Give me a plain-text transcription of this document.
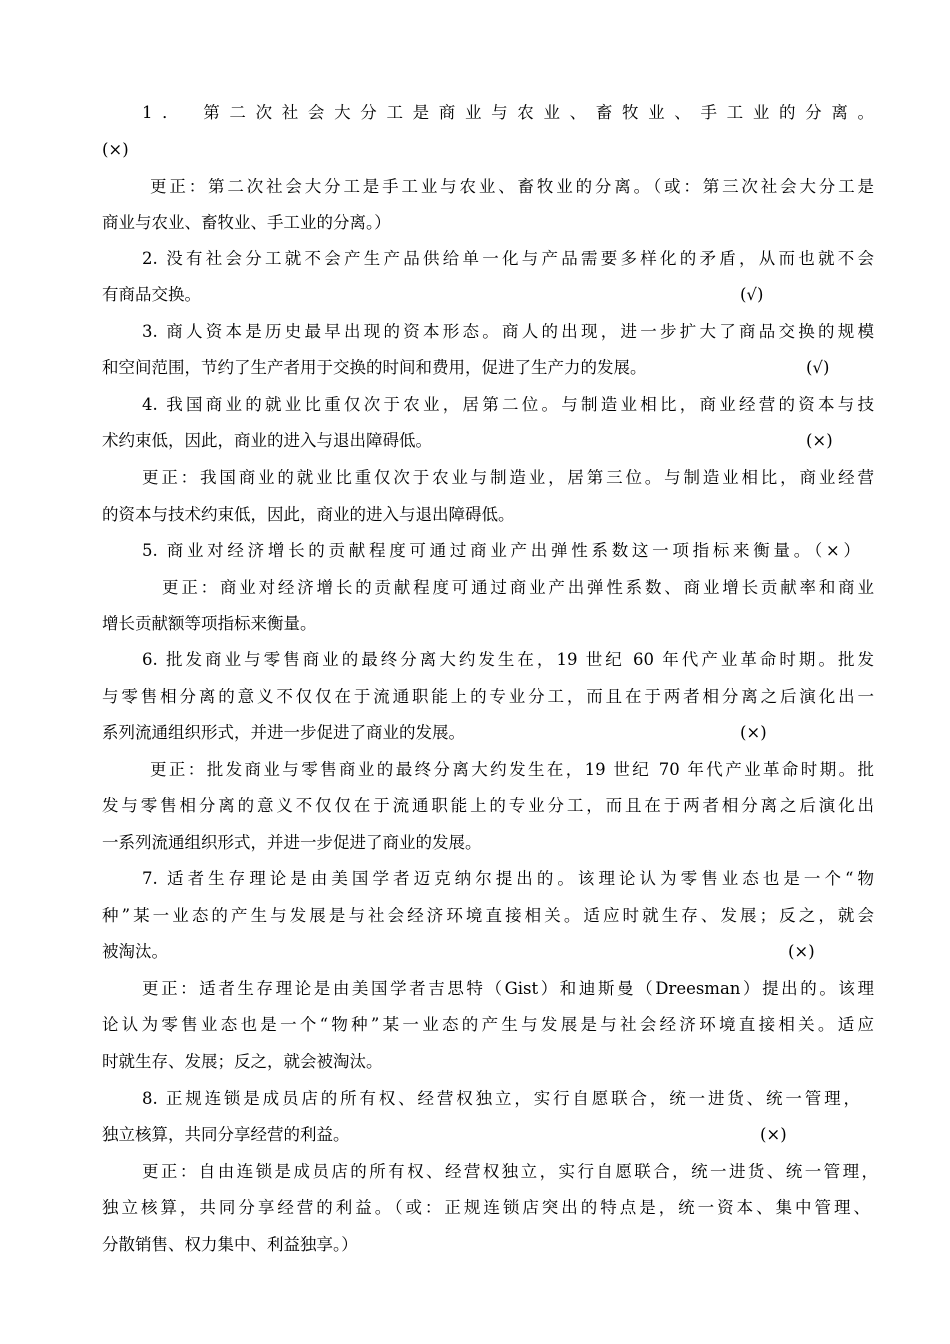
1． 第二次社会大分工是商业与农业、畜牧业、手工业的分离。
(×)
更正：第二次社会大分工是手工业与农业、畜牧业的分离。（或：第三次社会大分工是
商业与农业、畜牧业、手工业的分离。）
2. 没有社会分工就不会产生产品供给单一化与产品需要多样化的矛盾，从而也就不会
有商品交换。	(√)
3. 商人资本是历史最早出现的资本形态。商人的出现，进一步扩大了商品交换的规模
和空间范围，节约了生产者用于交换的时间和费用，促进了生产力的发展。	(√)
4. 我国商业的就业比重仅次于农业，居第二位。与制造业相比，商业经营的资本与技
术约束低，因此，商业的进入与退出障碍低。	(×)
更正：我国商业的就业比重仅次于农业与制造业，居第三位。与制造业相比，商业经营
的资本与技术约束低，因此，商业的进入与退出障碍低。
5. 商业对经济增长的贡献程度可通过商业产出弹性系数这一项指标来衡量。（×）
更正：商业对经济增长的贡献程度可通过商业产出弹性系数、商业增长贡献率和商业
增长贡献额等项指标来衡量。
6. 批发商业与零售商业的最终分离大约发生在，19 世纪 60 年代产业革命时期。批发
与零售相分离的意义不仅仅在于流通职能上的专业分工，而且在于两者相分离之后演化出一
系列流通组织形式，并进一步促进了商业的发展。	(×)
更正：批发商业与零售商业的最终分离大约发生在，19 世纪 70 年代产业革命时期。批
发与零售相分离的意义不仅仅在于流通职能上的专业分工，而且在于两者相分离之后演化出
一系列流通组织形式，并进一步促进了商业的发展。
7. 适者生存理论是由美国学者迈克纳尔提出的。该理论认为零售业态也是一个“物
种”某一业态的产生与发展是与社会经济环境直接相关。适应时就生存、发展；反之，就会
被淘汰。	(×)
更正：适者生存理论是由美国学者吉思特（Gist）和迪斯曼（Dreesman）提出的。该理
论认为零售业态也是一个“物种”某一业态的产生与发展是与社会经济环境直接相关。适应
时就生存、发展；反之，就会被淘汰。
8. 正规连锁是成员店的所有权、经营权独立，实行自愿联合，统一进货、统一管理，
独立核算，共同分享经营的利益。	(×)
更正：自由连锁是成员店的所有权、经营权独立，实行自愿联合，统一进货、统一管理，
独立核算，共同分享经营的利益。（或：正规连锁店突出的特点是，统一资本、集中管理、
分散销售、权力集中、利益独享。）
